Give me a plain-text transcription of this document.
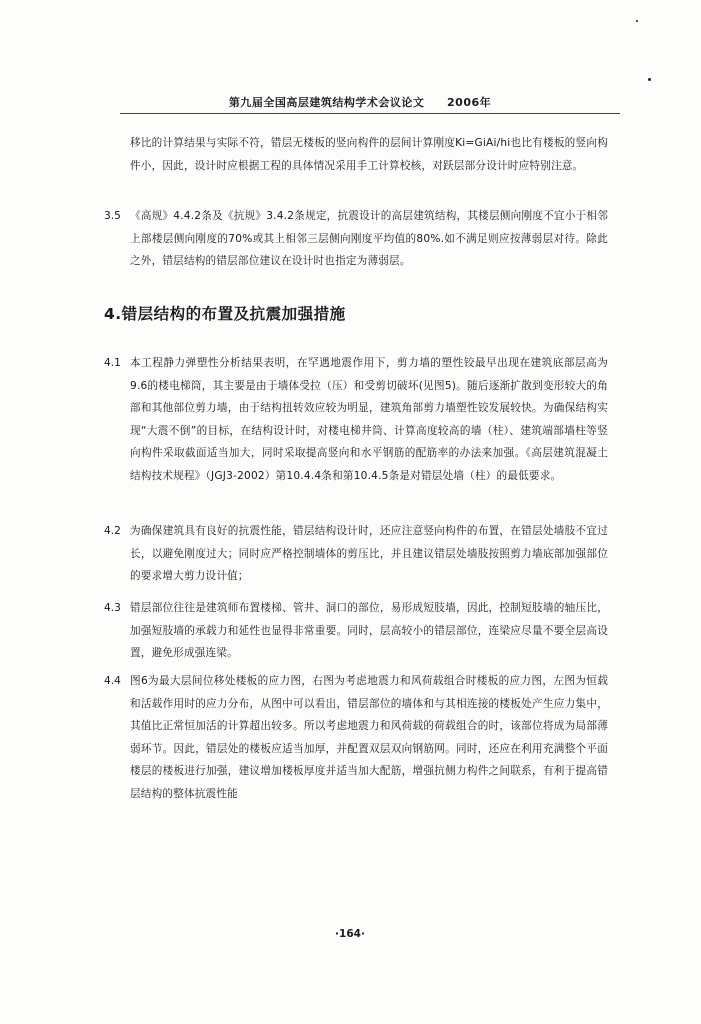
第九届全国高层建筑结构学术会议论文 2006年
移比的计算结果与实际不符，错层无楼板的竖向构件的层间计算刚度Ki=GiAi/hi也比有楼板的竖向构件小，因此，设计时应根据工程的具体情况采用手工计算校核，对跃层部分设计时应特别注意。
3.5 《高规》4.4.2条及《抗规》3.4.2条规定，抗震设计的高层建筑结构，其楼层侧向刚度不宜小于相邻上部楼层侧向刚度的70%或其上相邻三层侧向刚度平均值的80%.如不满足则应按薄弱层对待。除此之外，错层结构的错层部位建议在设计时也指定为薄弱层。
4.错层结构的布置及抗震加强措施
4.1 本工程静力弹塑性分析结果表明，在罕遇地震作用下，剪力墙的塑性铰最早出现在建筑底部层高为9.6的楼电梯筒，其主要是由于墙体受拉（压）和受剪切破坏(见图5)。随后逐渐扩散到变形较大的角部和其他部位剪力墙，由于结构扭转效应较为明显，建筑角部剪力墙塑性铰发展较快。为确保结构实现“大震不倒”的目标，在结构设计时，对楼电梯井筒、计算高度较高的墙（柱）、建筑端部墙柱等竖向构件采取截面适当加大，同时采取提高竖向和水平钢筋的配筋率的办法来加强。《高层建筑混凝土结构技术规程》（JGJ3-2002）第10.4.4条和第10.4.5条是对错层处墙（柱）的最低要求。
4.2 为确保建筑具有良好的抗震性能，错层结构设计时，还应注意竖向构件的布置，在错层处墙肢不宜过长，以避免刚度过大；同时应严格控制墙体的剪压比，并且建议错层处墙肢按照剪力墙底部加强部位的要求增大剪力设计值；
4.3 错层部位往往是建筑师布置楼梯、管井、洞口的部位，易形成短肢墙，因此，控制短肢墙的轴压比，加强短肢墙的承载力和延性也显得非常重要。同时，层高较小的错层部位，连梁应尽量不要全层高设置，避免形成强连梁。
4.4 图6为最大层间位移处楼板的应力图，右图为考虑地震力和风荷载组合时楼板的应力图，左图为恒载和活载作用时的应力分布，从图中可以看出，错层部位的墙体和与其相连接的楼板处产生应力集中，其值比正常恒加活的计算超出较多。所以考虑地震力和风荷载的荷载组合的时，该部位将成为局部薄弱环节。因此，错层处的楼板应适当加厚，并配置双层双向钢筋网。同时，还应在利用充满整个平面楼层的楼板进行加强，建议增加楼板厚度并适当加大配筋，增强抗侧力构件之间联系，有利于提高错层结构的整体抗震性能
·164·
